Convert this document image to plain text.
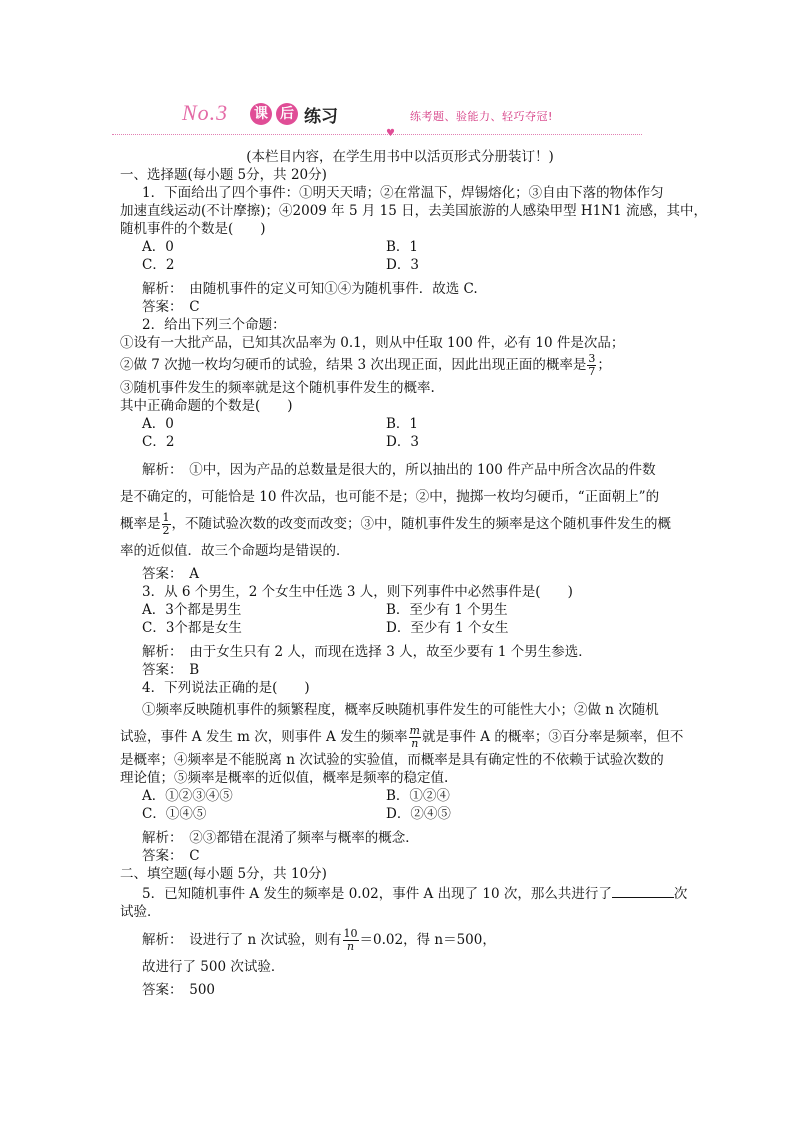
No.3 课 后 练习	练考题、验能力、轻巧夺冠!
♥
(本栏目内容，在学生用书中以活页形式分册装订！)
一、选择题(每小题 5分，共 20分)
1．下面给出了四个事件：①明天天晴；②在常温下，焊锡熔化；③自由下落的物体作匀
加速直线运动(不计摩擦)；④2009 年 5 月 15 日，去美国旅游的人感染甲型 H1N1 流感，其中，
随机事件的个数是(　　)
A．0	B．1
C．2	D．3
解析：　由随机事件的定义可知①④为随机事件．故选 C.
答案：　C
2．给出下列三个命题：
①设有一大批产品，已知其次品率为 0.1，则从中任取 100 件，必有 10 件是次品；
②做 7 次抛一枚均匀硬币的试验，结果 3 次出现正面，因此出现正面的概率是 $\frac{3}{7}$ ；
③随机事件发生的频率就是这个随机事件发生的概率.
其中正确命题的个数是(　　)
A．0	B．1
C．2	D．3
解析：　①中，因为产品的总数量是很大的，所以抽出的 100 件产品中所含次品的件数
是不确定的，可能恰是 10 件次品，也可能不是；②中，抛掷一枚均匀硬币，“正面朝上”的
概率是 $\frac{1}{2}$ ，不随试验次数的改变而改变；③中，随机事件发生的频率是这个随机事件发生的概
率的近似值．故三个命题均是错误的．
答案：　A
3．从 6 个男生，2 个女生中任选 3 人，则下列事件中必然事件是(　　)
A．3个都是男生	B．至少有 1 个男生
C．3个都是女生	D．至少有 1 个女生
解析：　由于女生只有 2 人，而现在选择 3 人，故至少要有 1 个男生参选．
答案：　B
4．下列说法正确的是(　　)
①频率反映随机事件的频繁程度，概率反映随机事件发生的可能性大小；②做 n 次随机
试验，事件 A 发生 m 次，则事件 A 发生的频率 $\frac{m}{n}$ 就是事件 A 的概率；③百分率是频率，但不
是概率；④频率是不能脱离 n 次试验的实验值，而概率是具有确定性的不依赖于试验次数的
理论值；⑤频率是概率的近似值，概率是频率的稳定值.
A．①②③④⑤	B．①②④
C．①④⑤	D．②④⑤
解析：　②③都错在混淆了频率与概率的概念．
答案：　C
二、填空题(每小题 5分，共 10分)
5．已知随机事件 A 发生的频率是 0.02，事件 A 出现了 10 次，那么共进行了	次
试验．
解析：　设进行了 n 次试验，则有 $\frac{10}{n} =0.02$，得 n＝500，
故进行了 500 次试验．
答案：　500
